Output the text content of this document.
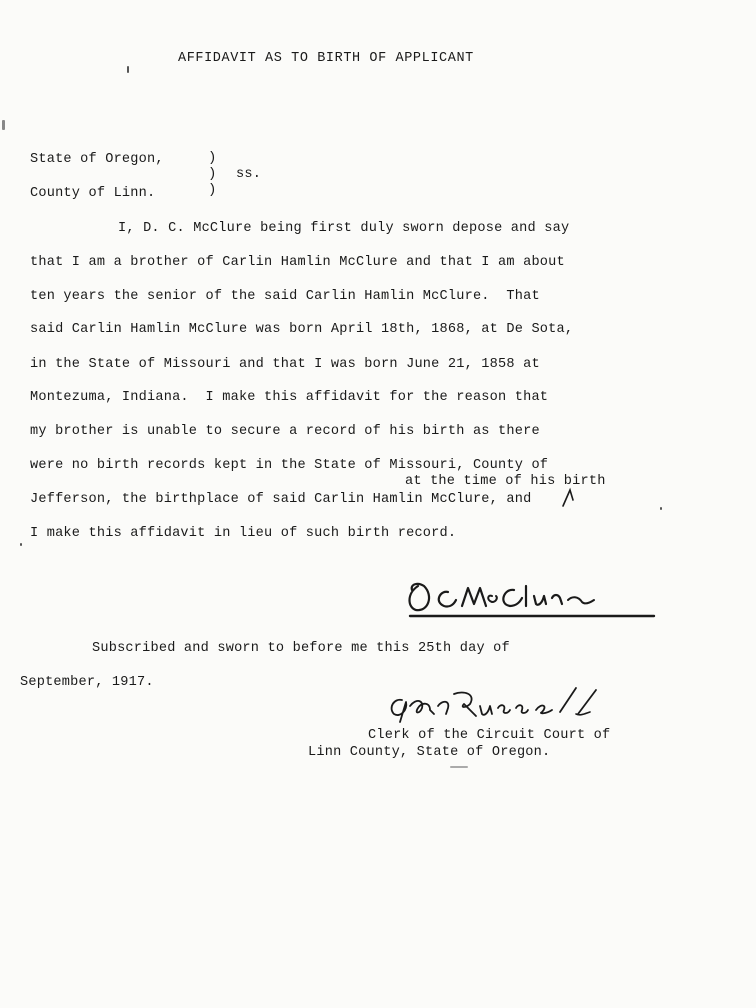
AFFIDAVIT AS TO BIRTH OF APPLICANT
State of Oregon,
County of Linn.
)
)
)
ss.
I, D. C. McClure being first duly sworn depose and say
that I am a brother of Carlin Hamlin McClure and that I am about
ten years the senior of the said Carlin Hamlin McClure.  That
said Carlin Hamlin McClure was born April 18th, 1868, at De Sota,
in the State of Missouri and that I was born June 21, 1858 at
Montezuma, Indiana.  I make this affidavit for the reason that
my brother is unable to secure a record of his birth as there
were no birth records kept in the State of Missouri, County of
at the time of his birth
Jefferson, the birthplace of said Carlin Hamlin McClure, and
I make this affidavit in lieu of such birth record.
Subscribed and sworn to before me this 25th day of
September, 1917.
Clerk of the Circuit Court of
Linn County, State of Oregon.
